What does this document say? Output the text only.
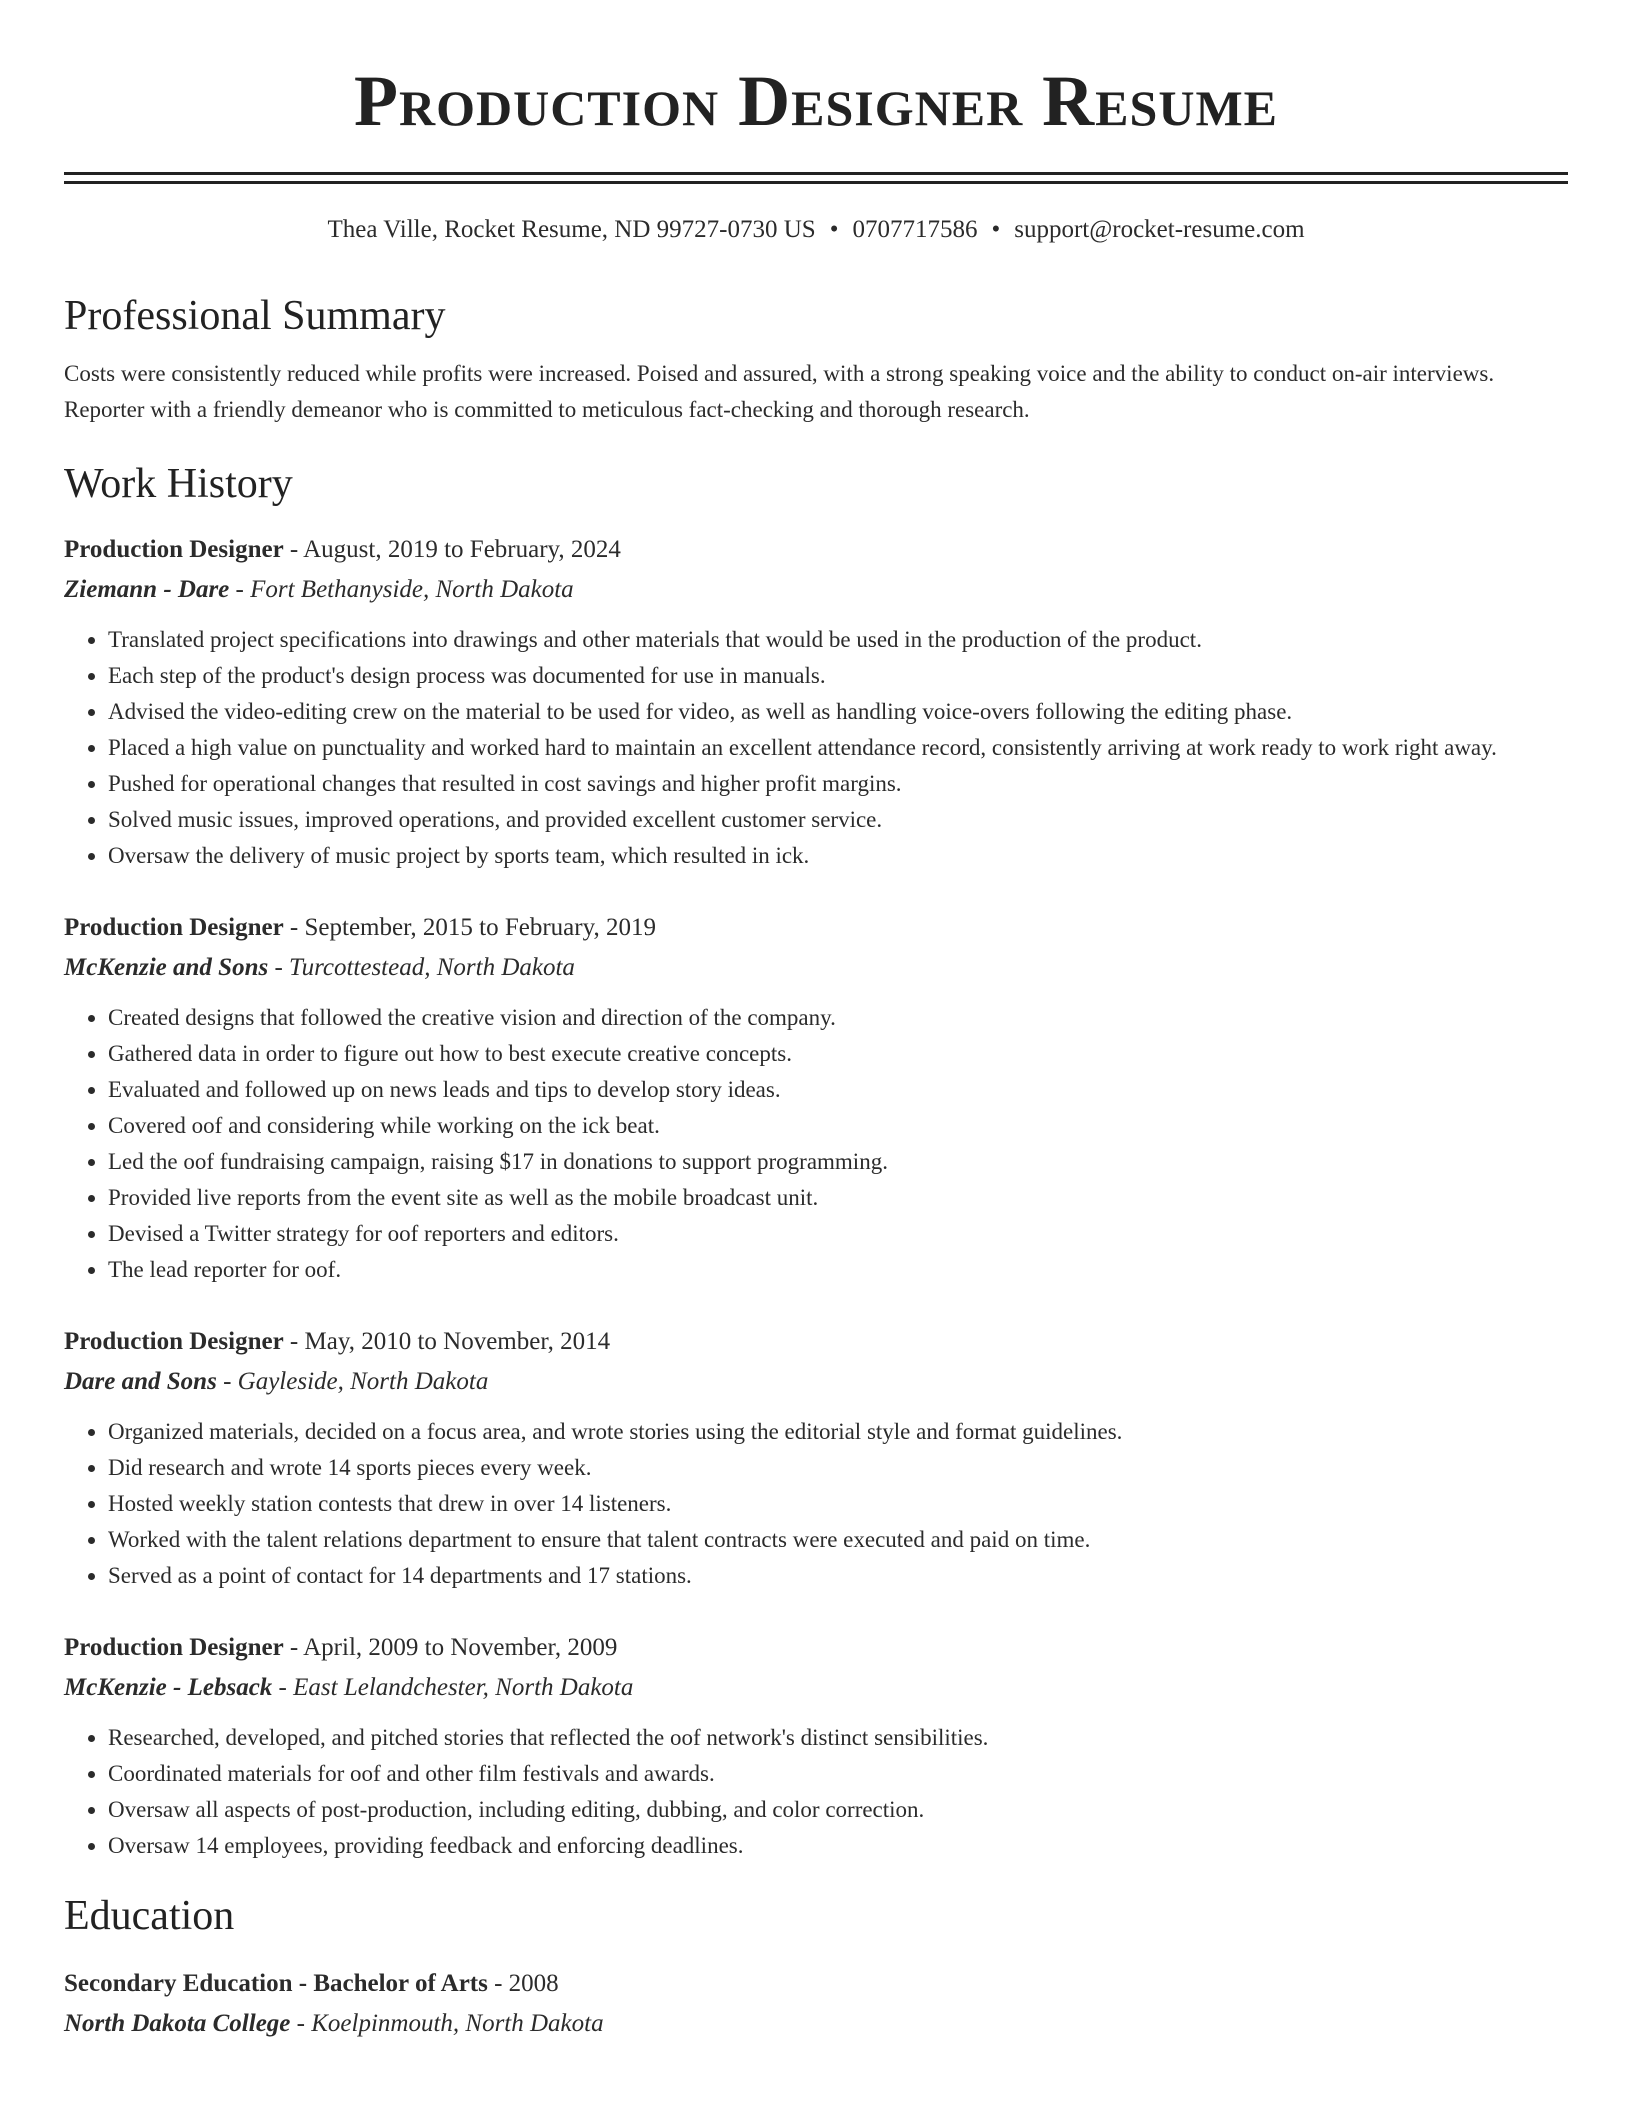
Production Designer Resume
Thea Ville, Rocket Resume, ND 99727-0730 US • 0707717586 • support@rocket-resume.com
Professional Summary
Costs were consistently reduced while profits were increased. Poised and assured, with a strong speaking voice and the ability to conduct on-air interviews. Reporter with a friendly demeanor who is committed to meticulous fact-checking and thorough research.
Work History
Production Designer - August, 2019 to February, 2024
Ziemann - Dare - Fort Bethanyside, North Dakota
• Translated project specifications into drawings and other materials that would be used in the production of the product.
• Each step of the product's design process was documented for use in manuals.
• Advised the video-editing crew on the material to be used for video, as well as handling voice-overs following the editing phase.
• Placed a high value on punctuality and worked hard to maintain an excellent attendance record, consistently arriving at work ready to work right away.
• Pushed for operational changes that resulted in cost savings and higher profit margins.
• Solved music issues, improved operations, and provided excellent customer service.
• Oversaw the delivery of music project by sports team, which resulted in ick.
Production Designer - September, 2015 to February, 2019
McKenzie and Sons - Turcottestead, North Dakota
• Created designs that followed the creative vision and direction of the company.
• Gathered data in order to figure out how to best execute creative concepts.
• Evaluated and followed up on news leads and tips to develop story ideas.
• Covered oof and considering while working on the ick beat.
• Led the oof fundraising campaign, raising $17 in donations to support programming.
• Provided live reports from the event site as well as the mobile broadcast unit.
• Devised a Twitter strategy for oof reporters and editors.
• The lead reporter for oof.
Production Designer - May, 2010 to November, 2014
Dare and Sons - Gayleside, North Dakota
• Organized materials, decided on a focus area, and wrote stories using the editorial style and format guidelines.
• Did research and wrote 14 sports pieces every week.
• Hosted weekly station contests that drew in over 14 listeners.
• Worked with the talent relations department to ensure that talent contracts were executed and paid on time.
• Served as a point of contact for 14 departments and 17 stations.
Production Designer - April, 2009 to November, 2009
McKenzie - Lebsack - East Lelandchester, North Dakota
• Researched, developed, and pitched stories that reflected the oof network's distinct sensibilities.
• Coordinated materials for oof and other film festivals and awards.
• Oversaw all aspects of post-production, including editing, dubbing, and color correction.
• Oversaw 14 employees, providing feedback and enforcing deadlines.
Education
Secondary Education - Bachelor of Arts - 2008
North Dakota College - Koelpinmouth, North Dakota
